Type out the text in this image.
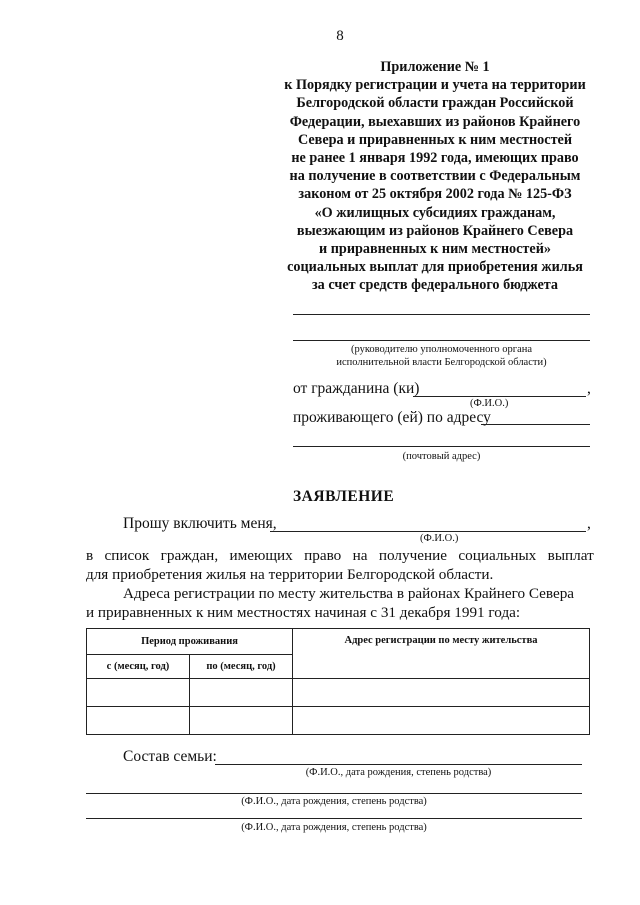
8
Приложение № 1
к Порядку регистрации и учета на территории
Белгородской области граждан Российской
Федерации, выехавших из районов Крайнего
Севера и приравненных к ним местностей
не ранее 1 января 1992 года, имеющих право
на получение в соответствии с Федеральным
законом от 25 октября 2002 года № 125-ФЗ
«О жилищных субсидиях гражданам,
выезжающим из районов Крайнего Севера
и приравненных к ним местностей»
социальных выплат для приобретения жилья
за счет средств федерального бюджета
(руководителю уполномоченного органа
исполнительной власти Белгородской области)
от гражданина (ки)	,
(Ф.И.О.)
проживающего (ей) по адресу
(почтовый адрес)
ЗАЯВЛЕНИЕ
Прошу включить меня,	,
(Ф.И.О.)
в   список   граждан,   имеющих   право   на   получение   социальных   выплат
для приобретения жилья на территории Белгородской области.
Адреса регистрации по месту жительства в районах Крайнего Севера
и приравненных к ним местностях начиная с 31 декабря 1991 года:
Период проживания		Адрес регистрации по месту жительства
с (месяц, год)	по (месяц, год)	

Состав семьи:
(Ф.И.О., дата рождения, степень родства)
(Ф.И.О., дата рождения, степень родства)
(Ф.И.О., дата рождения, степень родства)
